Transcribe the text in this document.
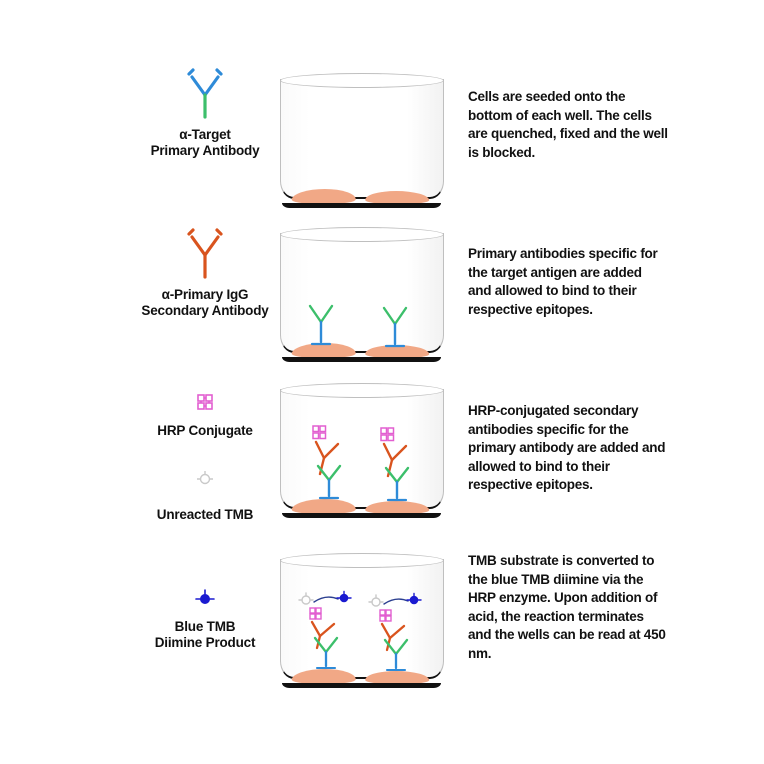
α-Target
Primary Antibody
Cells are seeded onto the bottom of each well. The cells are quenched, fixed and the well is blocked.
α-Primary IgG
Secondary Antibody
Primary antibodies specific for the target antigen are added and allowed to bind to their respective epitopes.
HRP Conjugate
Unreacted TMB
HRP-conjugated secondary antibodies specific for the primary antibody are added and allowed to bind to their respective epitopes.
Blue TMB
Diimine Product
TMB substrate is converted to the blue TMB diimine via the HRP enzyme. Upon addition of acid, the reaction terminates and the wells can be read at 450 nm.
